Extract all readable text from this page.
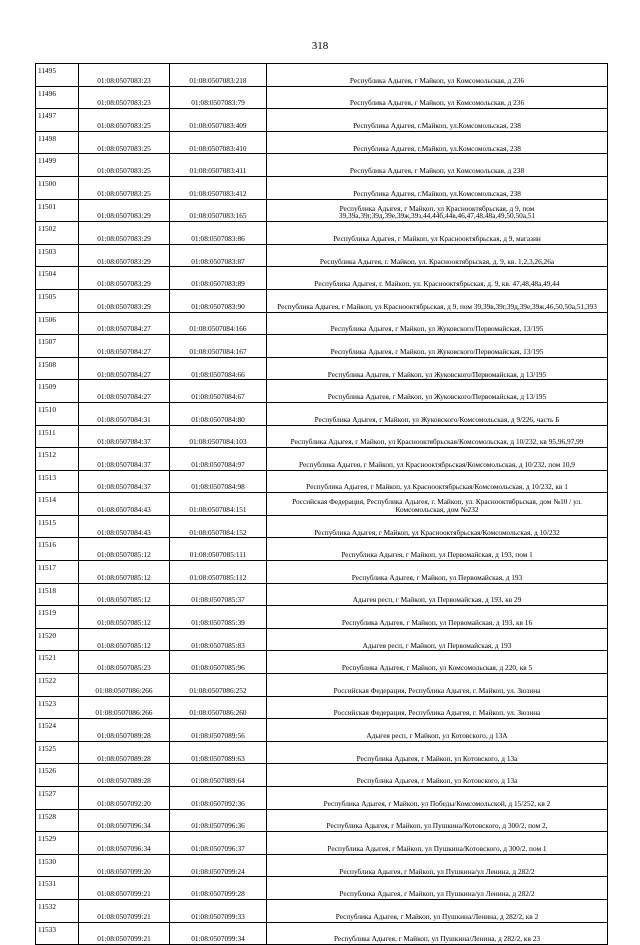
318
11495	01:08:0507083:23	01:08:0507083:218	Республика Адыгея, г Майкоп, ул Комсомольская, д 236
11496	01:08:0507083:23	01:08:0507083:79	Республика Адыгея, г Майкоп, ул Комсомольская, д 236
11497	01:08:0507083:25	01:08:0507083:409	Республика Адыгея, г.Майкоп, ул.Комсомольская, 238
11498	01:08:0507083:25	01:08:0507083:410	Республика Адыгея, г.Майкоп, ул.Комсомольская, 238
11499	01:08:0507083:25	01:08:0507083:411	Республика Адыгея, г Майкоп, ул Комсомольская, д 238
11500	01:08:0507083:25	01:08:0507083:412	Республика Адыгея, г.Майкоп, ул.Комсомольская, 238
11501	01:08:0507083:29	01:08:0507083:165	Республика Адыгея, г Майкоп, ул Краснооктябрьская, д 9, пом 39,39а,39г,39д,39е,39ж,39з,44,44б,44в,46,47,48,48а,49,50,50а,51
11502	01:08:0507083:29	01:08:0507083:86	Республика Адыгея, г Майкоп, ул Краснооктябрьская, д 9, магазин
11503	01:08:0507083:29	01:08:0507083:87	Республика Адыгея, г. Майкоп, ул. Краснооктябрьская, д. 9, кв. 1,2,3,26,26а
11504	01:08:0507083:29	01:08:0507083:89	Республика Адыгея, г. Майкоп, ул. Краснооктябрьская, д. 9, кв. 47,48,48а,49,44
11505	01:08:0507083:29	01:08:0507083:90	Республика Адыгея, г Майкоп, ул Краснооктябрьская, д 9, пом 39,39в,39г,39д,39е,39ж,46,50,50а,51,393
11506	01:08:0507084:27	01:08:0507084:166	Республика Адыгея, г Майкоп, ул Жуковского/Первомайская, 13/195
11507	01:08:0507084:27	01:08:0507084:167	Республика Адыгея, г Майкоп, ул Жуковского/Первомайская, 13/195
11508	01:08:0507084:27	01:08:0507084:66	Республика Адыгея, г Майкоп, ул Жуковского/Первомайская, д 13/195
11509	01:08:0507084:27	01:08:0507084:67	Республика Адыгея, г Майкоп, ул Жуковского/Первомайская, д 13/195
11510	01:08:0507084:31	01:08:0507084:80	Республика Адыгея, г Майкоп, ул Жуковского/Комсомольская, д 9/226, часть Б
11511	01:08:0507084:37	01:08:0507084:103	Республика Адыгея, г Майкоп, ул Краснооктябрьская/Комсомольская, д 10/232, кв 95,96,97,99
11512	01:08:0507084:37	01:08:0507084:97	Республика Адыгея, г Майкоп, ул Краснооктябрьская/Комсомольская, д 10/232, пом 10,9
11513	01:08:0507084:37	01:08:0507084:98	Республика Адыгея, г Майкоп, ул Краснооктябрьская/Комсомольская, д 10/232, кв 1
11514	01:08:0507084:43	01:08:0507084:151	Российская Федерация, Республика Адыгея, г. Майкоп, ул. Краснооктябрьская, дом №10 / ул. Комсомольская, дом №232
11515	01:08:0507084:43	01:08:0507084:152	Республика Адыгея, г Майкоп, ул Краснооктябрьская/Комсомольская, д 10/232
11516	01:08:0507085:12	01:08:0507085:111	Республика Адыгея, г Майкоп, ул Первомайская, д 193, пом 1
11517	01:08:0507085:12	01:08:0507085:112	Республика Адыгея, г Майкоп, ул Первомайская, д 193
11518	01:08:0507085:12	01:08:0507085:37	Адыгея респ, г Майкоп, ул Первомайская, д 193, кв 29
11519	01:08:0507085:12	01:08:0507085:39	Республика Адыгея, г Майкоп, ул Первомайская, д 193, кв 16
11520	01:08:0507085:12	01:08:0507085:83	Адыгея респ, г Майкоп, ул Первомайская, д 193
11521	01:08:0507085:23	01:08:0507085:96	Республика Адыгея, г Майкоп, ул Комсомольская, д 220, кв 5
11522	01:08:0507086:266	01:08:0507086:252	Российская Федерация, Республика Адыгея, г. Майкоп, ул. Зюзина
11523	01:08:0507086:266	01:08:0507086:260	Российская Федерация, Республика Адыгея, г. Майкоп, ул. Зюзина
11524	01:08:0507089:28	01:08:0507089:56	Адыгея респ, г Майкоп, ул Котовского, д 13А
11525	01:08:0507089:28	01:08:0507089:63	Республика Адыгея, г Майкоп, ул Котовского, д 13а
11526	01:08:0507089:28	01:08:0507089:64	Республика Адыгея, г Майкоп, ул Котовского, д 13а
11527	01:08:0507092:20	01:08:0507092:36	Республика Адыгея, г Майкоп, ул Победы/Комсомольской, д 15/252, кв 2
11528	01:08:0507096:34	01:08:0507096:36	Республика Адыгея, г Майкоп, ул Пушкина/Котовского, д 300/2, пом 2,
11529	01:08:0507096:34	01:08:0507096:37	Республика Адыгея, г Майкоп, ул Пушкина/Котовского, д 300/2, пом 1
11530	01:08:0507099:20	01:08:0507099:24	Республика Адыгея, г Майкоп, ул Пушкина/ул Ленина, д 282/2
11531	01:08:0507099:21	01:08:0507099:28	Республика Адыгея, г Майкоп, ул Пушкина/ул Ленина, д 282/2
11532	01:08:0507099:21	01:08:0507099:33	Республика Адыгея, г Майкоп, ул Пушкина/Ленина, д 282/2, кв 2
11533	01:08:0507099:21	01:08:0507099:34	Республика Адыгея, г Майкоп, ул Пушкина/Ленина, д 282/2, кв 23
